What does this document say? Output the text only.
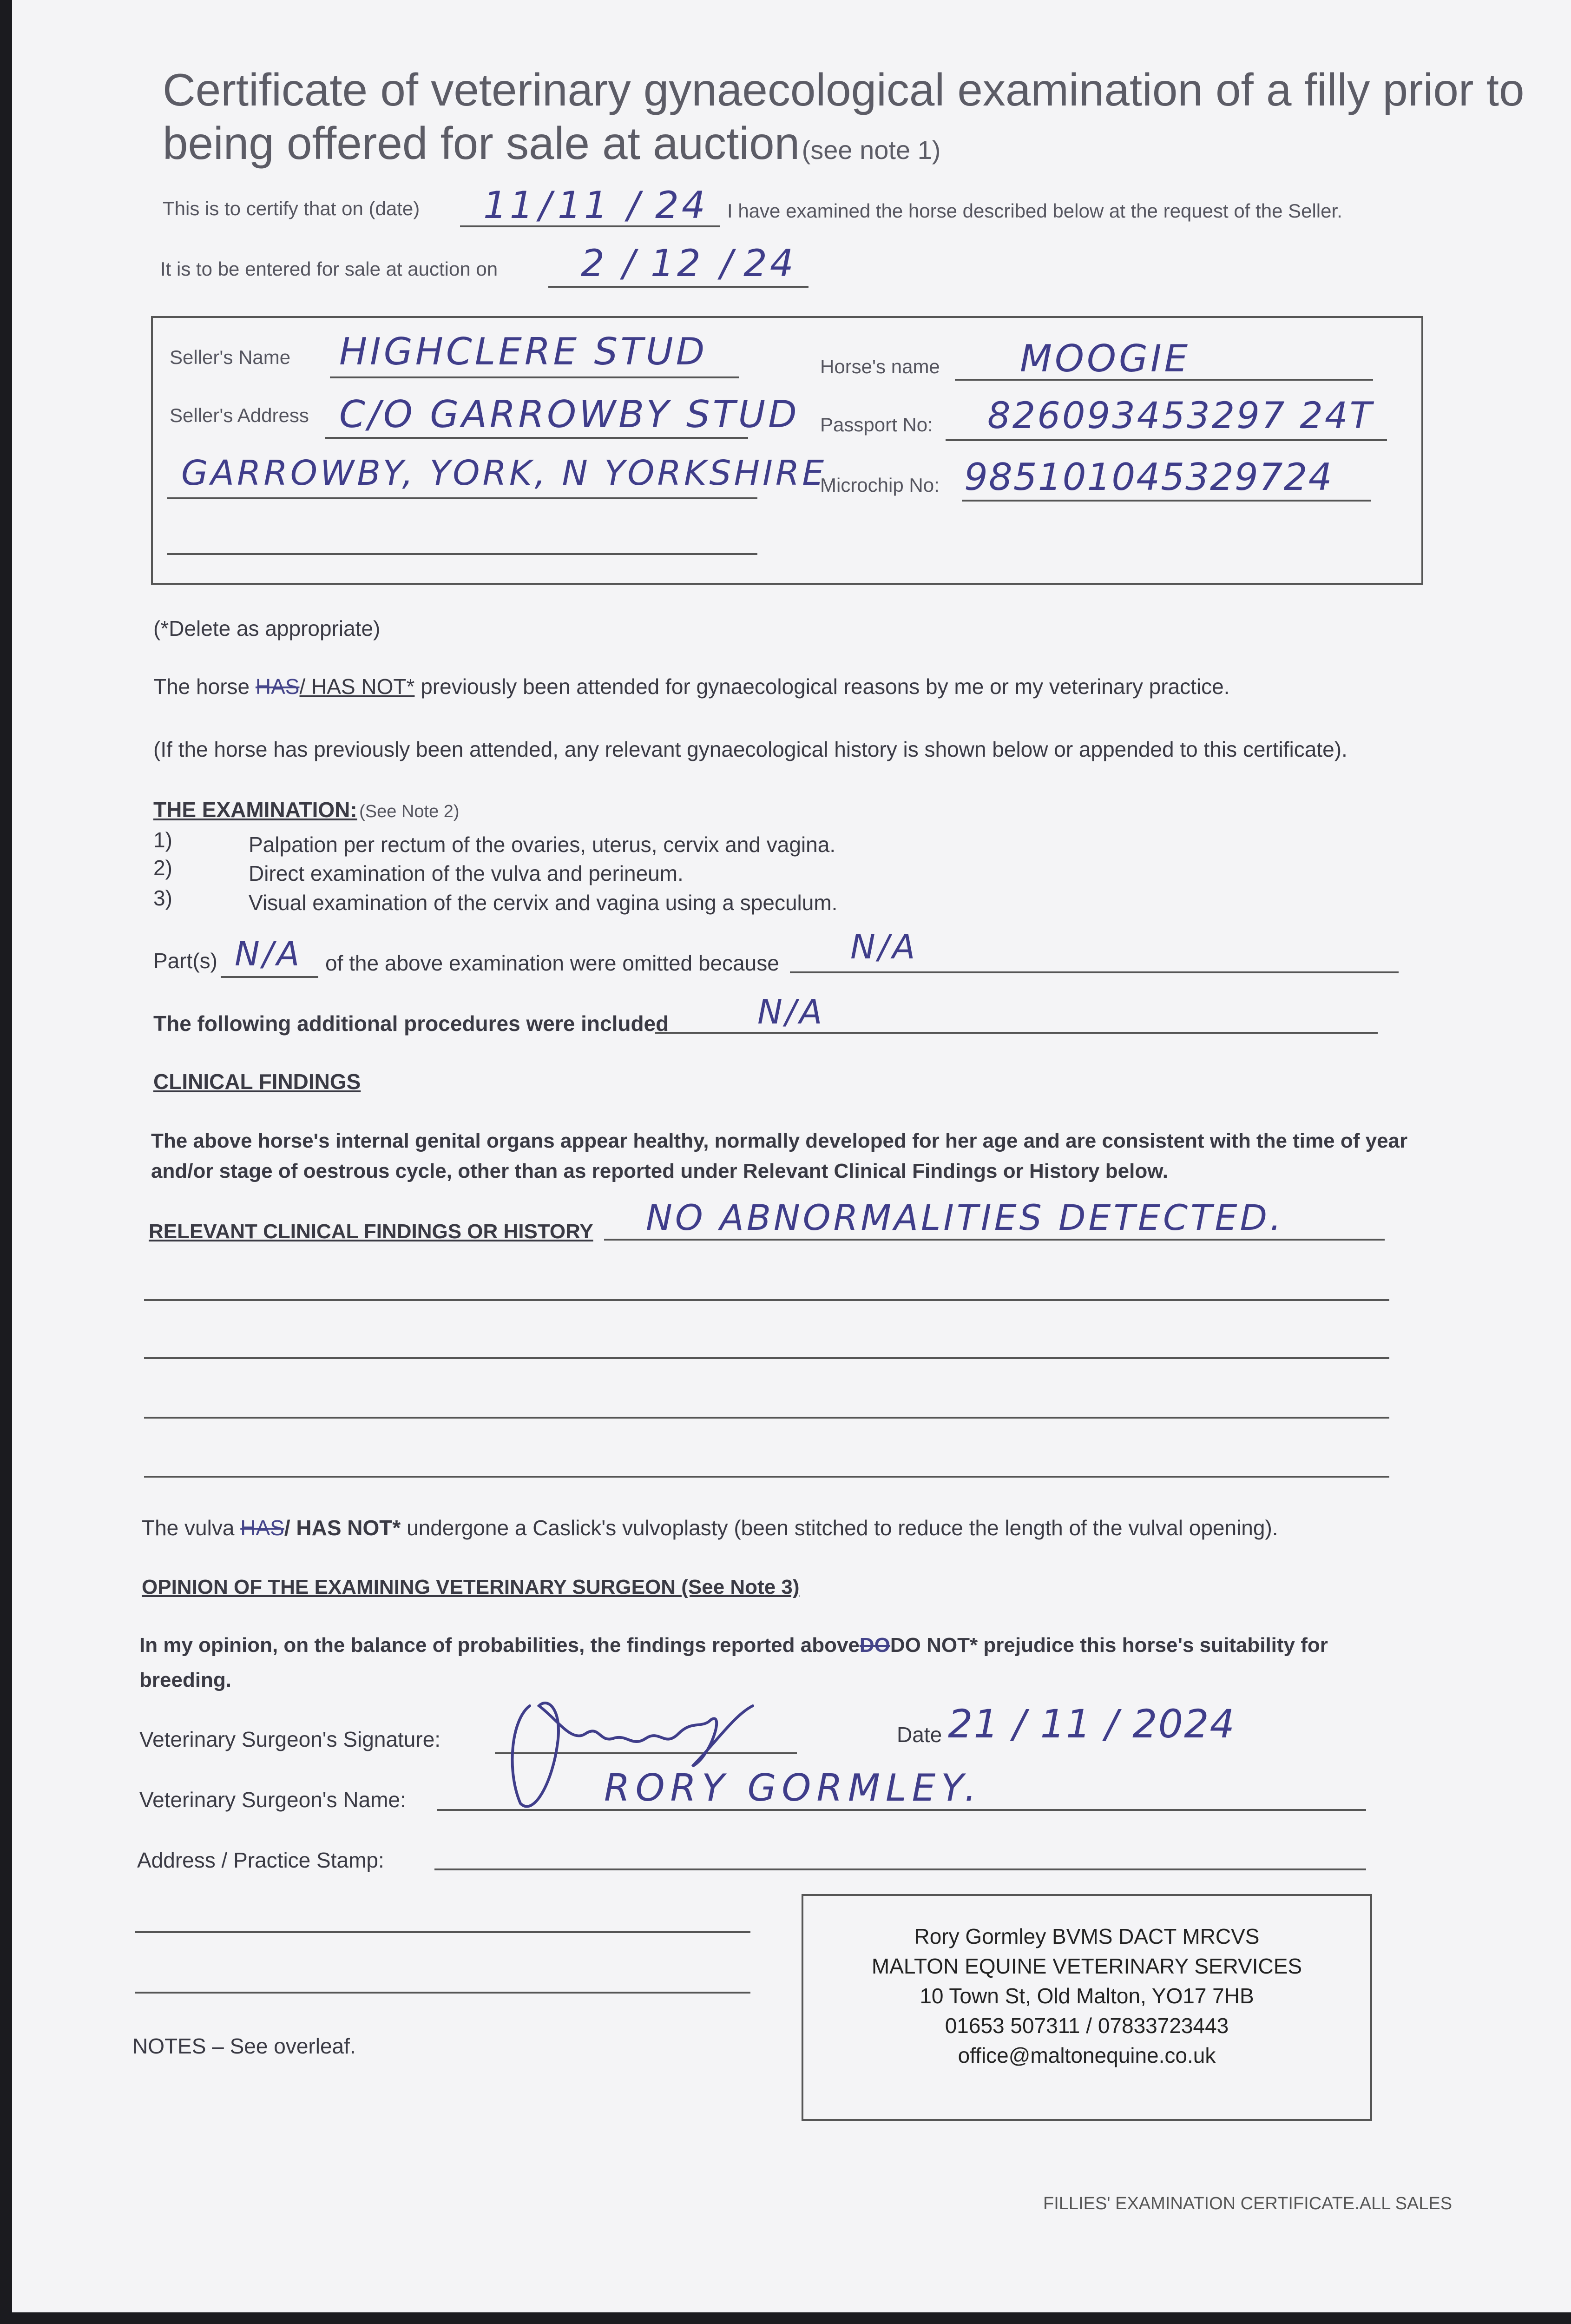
Certificate of veterinary gynaecological examination of a filly prior to
being offered for sale at auction (see note 1)
This is to certify that on (date) 11 / 11 / 24 I have examined the horse described below at the request of the Seller.
It is to be entered for sale at auction on 2 / 12 / 24
Seller's Name HIGHCLERE STUD
Seller's Address C/O GARROWBY STUD
GARROWBY, YORK, N YORKSHIRE
Horse's name MOOGIE
Passport No: 826093453297 24T
Microchip No: 985101045329724
(*Delete as appropriate)
The horse HAS/ HAS NOT* previously been attended for gynaecological reasons by me or my veterinary practice.
(If the horse has previously been attended, any relevant gynaecological history is shown below or appended to this certificate).
THE EXAMINATION: (See Note 2)
1)	Palpation per rectum of the ovaries, uterus, cervix and vagina.
2)	Direct examination of the vulva and perineum.
3)	Visual examination of the cervix and vagina using a speculum.
Part(s) N/A of the above examination were omitted because N/A
The following additional procedures were included	N/A
CLINICAL FINDINGS
The above horse's internal genital organs appear healthy, normally developed for her age and are consistent with the time of year
and/or stage of oestrous cycle, other than as reported under Relevant Clinical Findings or History below.
RELEVANT CLINICAL FINDINGS OR HISTORY NO ABNORMALITIES DETECTED.
The vulva HAS/ HAS NOT* undergone a Caslick's vulvoplasty (been stitched to reduce the length of the vulval opening).
OPINION OF THE EXAMINING VETERINARY SURGEON (See Note 3)
In my opinion, on the balance of probabilities, the findings reported aboveDODO NOT* prejudice this horse's suitability for
breeding.
Veterinary Surgeon's Signature:	Date 21 / 11 / 2024
Veterinary Surgeon's Name:	RORY GORMLEY.
Address / Practice Stamp:
Rory Gormley BVMS DACT MRCVS
MALTON EQUINE VETERINARY SERVICES
10 Town St, Old Malton, YO17 7HB
01653 507311 / 07833723443
office@maltonequine.co.uk
NOTES – See overleaf.
FILLIES' EXAMINATION CERTIFICATE.ALL SALES
